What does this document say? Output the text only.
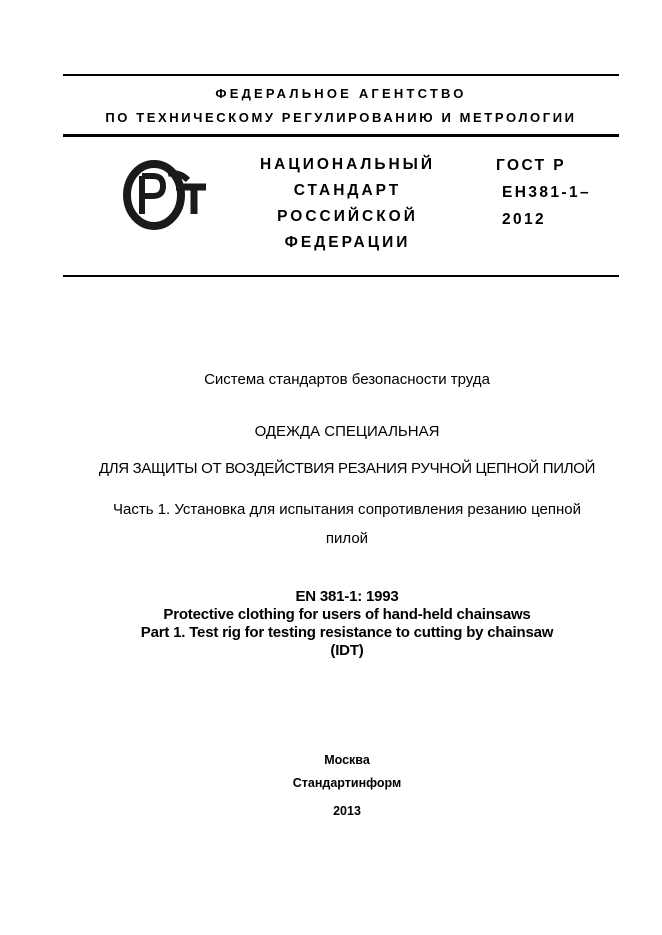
ФЕДЕРАЛЬНОЕ АГЕНТСТВО
ПО ТЕХНИЧЕСКОМУ РЕГУЛИРОВАНИЮ И МЕТРОЛОГИИ
НАЦИОНАЛЬНЫЙ
СТАНДАРТ
РОССИЙСКОЙ
ФЕДЕРАЦИИ
ГОСТ Р
ЕН381-1–
2012
Система стандартов безопасности труда
ОДЕЖДА СПЕЦИАЛЬНАЯ
ДЛЯ ЗАЩИТЫ ОТ ВОЗДЕЙСТВИЯ РЕЗАНИЯ РУЧНОЙ ЦЕПНОЙ ПИЛОЙ
Часть 1. Установка для испытания сопротивления резанию цепной
пилой
EN 381-1: 1993
Protective clothing for users of hand-held chainsaws
Part 1. Test rig for testing resistance to cutting by chainsaw
(IDT)
Москва
Стандартинформ
2013
